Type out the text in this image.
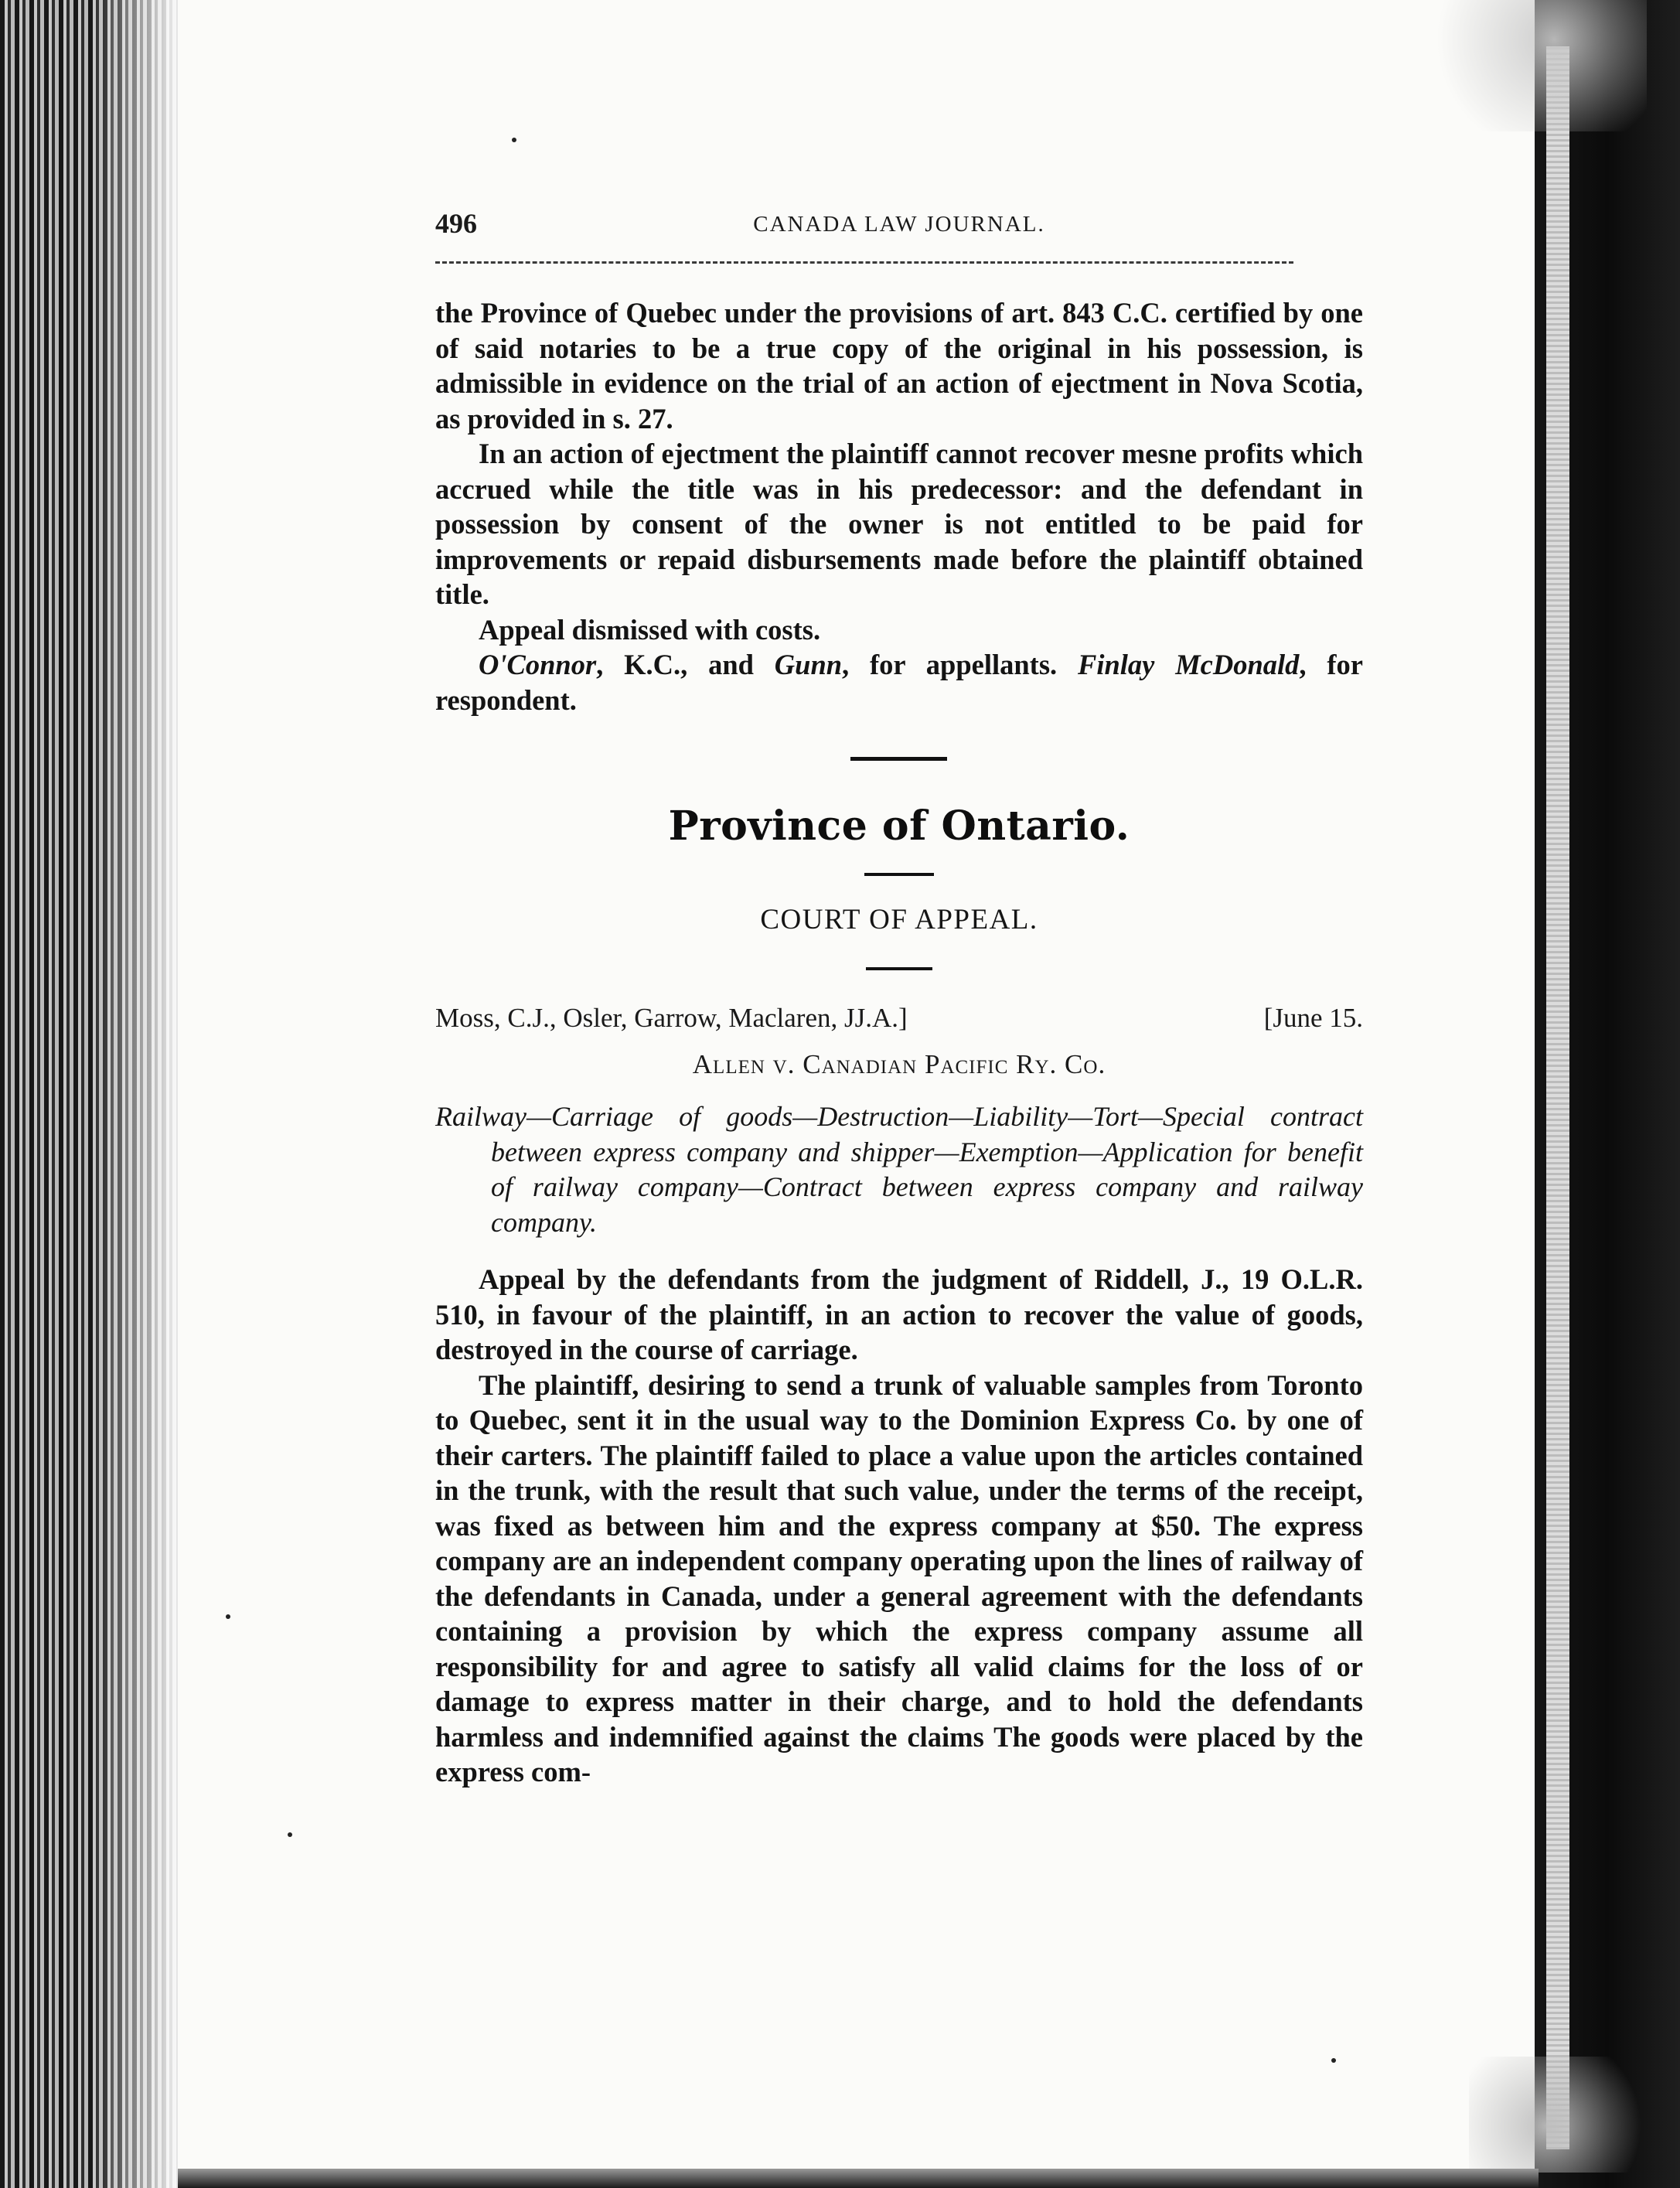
496	CANADA LAW JOURNAL.

the Province of Quebec under the provisions of art. 843 C.C. certified by one of said notaries to be a true copy of the original in his possession, is admissible in evidence on the trial of an action of ejectment in Nova Scotia, as provided in s. 27.

In an action of ejectment the plaintiff cannot recover mesne profits which accrued while the title was in his predecessor: and the defendant in possession by consent of the owner is not entitled to be paid for improvements or repaid disbursements made before the plaintiff obtained title.

Appeal dismissed with costs.

O'Connor, K.C., and Gunn, for appellants. Finlay McDonald, for respondent.

Province of Ontario.
COURT OF APPEAL.
Moss, C.J., Osler, Garrow, Maclaren, JJ.A.]	[June 15.
Allen v. Canadian Pacific Ry. Co.
Railway—Carriage of goods—Destruction—Liability—Tort—Special contract between express company and shipper—Exemption—Application for benefit of railway company—Contract between express company and railway company.

Appeal by the defendants from the judgment of Riddell, J., 19 O.L.R. 510, in favour of the plaintiff, in an action to recover the value of goods, destroyed in the course of carriage.

The plaintiff, desiring to send a trunk of valuable samples from Toronto to Quebec, sent it in the usual way to the Dominion Express Co. by one of their carters. The plaintiff failed to place a value upon the articles contained in the trunk, with the result that such value, under the terms of the receipt, was fixed as between him and the express company at $50. The express company are an independent company operating upon the lines of railway of the defendants in Canada, under a general agreement with the defendants containing a provision by which the express company assume all responsibility for and agree to satisfy all valid claims for the loss of or damage to express matter in their charge, and to hold the defendants harmless and indemnified against the claims The goods were placed by the express com-
